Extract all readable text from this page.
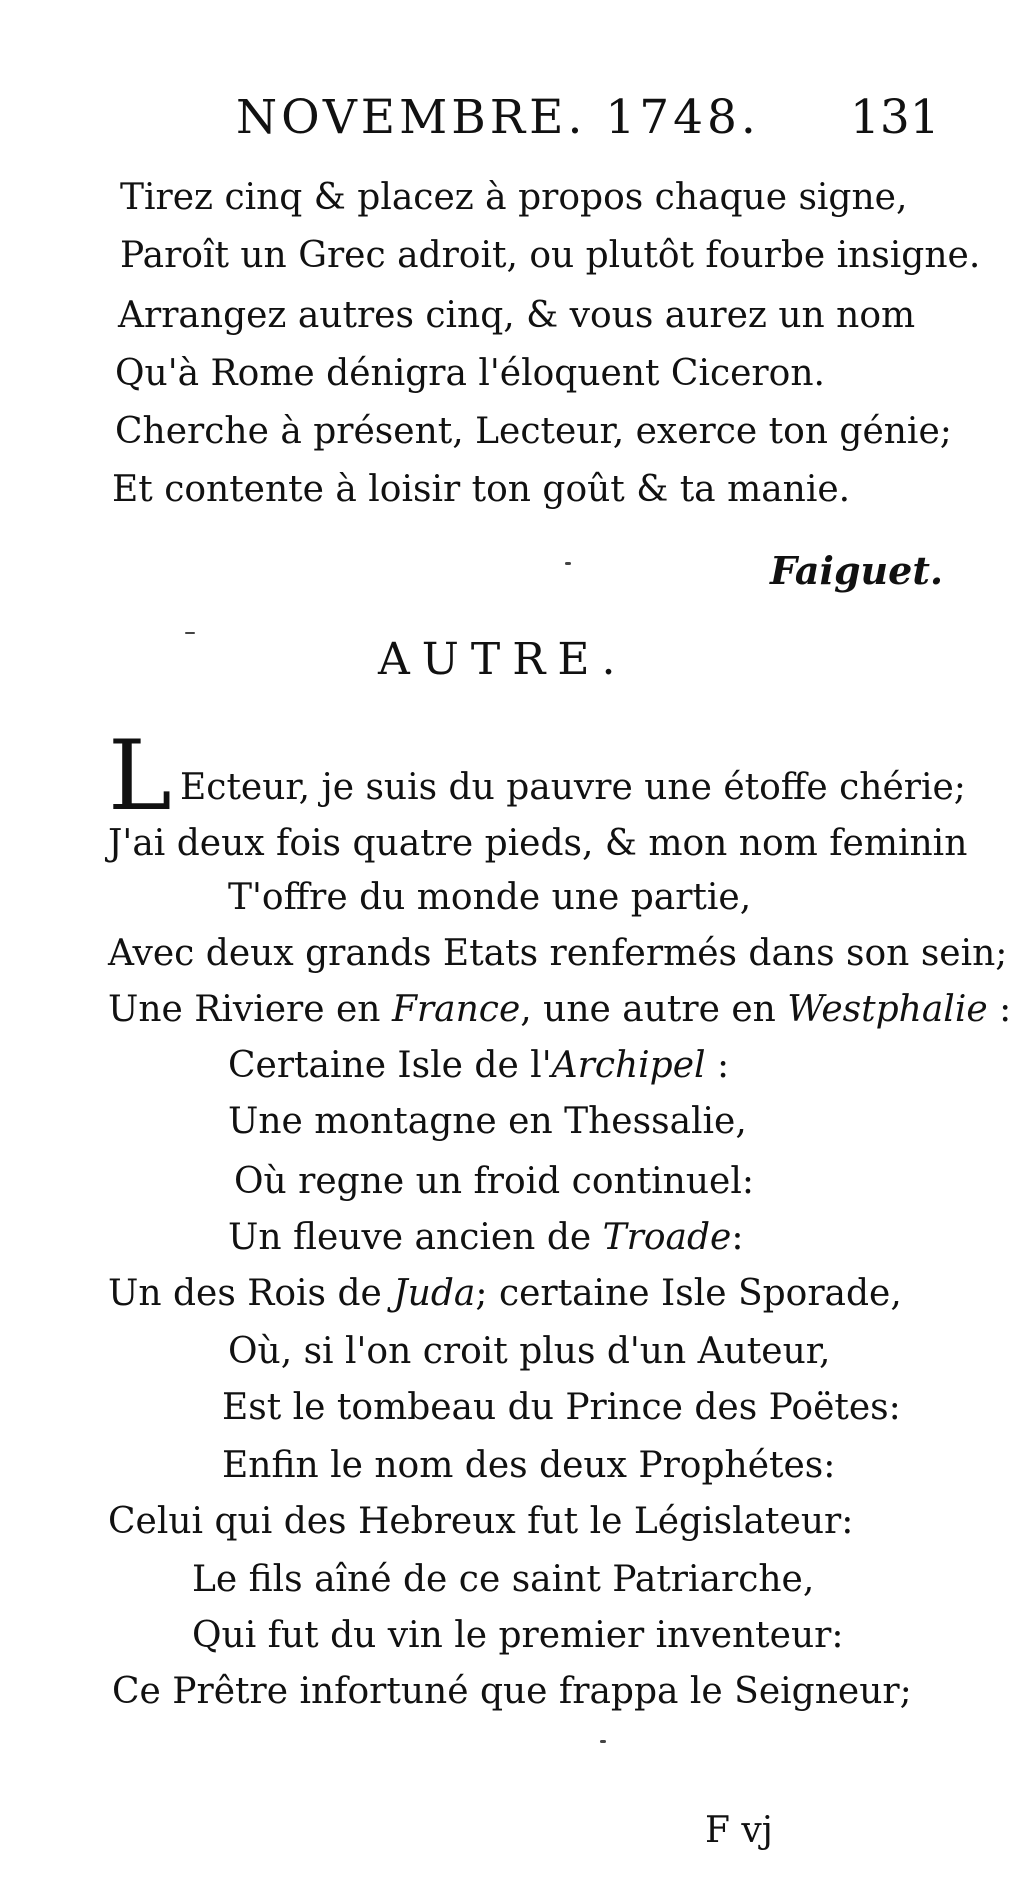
NOVEMBRE. 1748. 131
Tirez cinq & placez à propos chaque signe,
Paroît un Grec adroit, ou plutôt fourbe insigne.
Arrangez autres cinq, & vous aurez un nom
Qu'à Rome dénigra l'éloquent Ciceron.
Cherche à présent, Lecteur, exerce ton génie;
Et contente à loisir ton goût & ta manie.
Faiguet.
AUTRE.
L Ecteur, je suis du pauvre une étoffe chérie;
J'ai deux fois quatre pieds, & mon nom feminin
T'offre du monde une partie,
Avec deux grands Etats renfermés dans son sein;
Une Riviere en France, une autre en Westphalie :
Certaine Isle de l'Archipel :
Une montagne en Thessalie,
Où regne un froid continuel:
Un fleuve ancien de Troade:
Un des Rois de Juda; certaine Isle Sporade,
Où, si l'on croit plus d'un Auteur,
Est le tombeau du Prince des Poëtes:
Enfin le nom des deux Prophétes:
Celui qui des Hebreux fut le Législateur:
Le fils aîné de ce saint Patriarche,
Qui fut du vin le premier inventeur:
Ce Prêtre infortuné que frappa le Seigneur;
F vj
